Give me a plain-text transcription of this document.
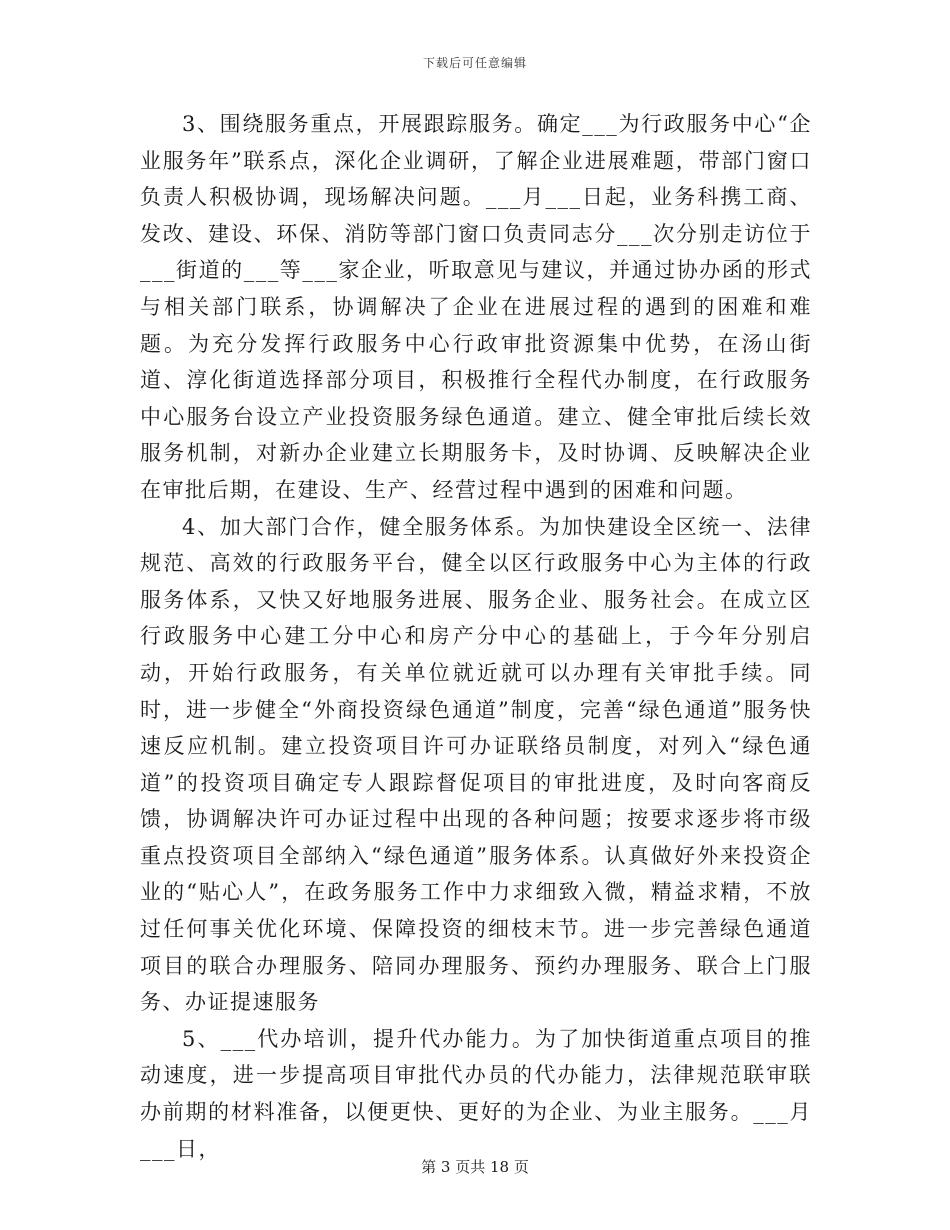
下载后可任意编辑

3、围绕服务重点，开展跟踪服务。确定___为行政服务中心“企业服务年”联系点，深化企业调研，了解企业进展难题，带部门窗口负责人积极协调，现场解决问题。___月___日起，业务科携工商、发改、建设、环保、消防等部门窗口负责同志分___次分别走访位于___街道的___等___家企业，听取意见与建议，并通过协办函的形式与相关部门联系，协调解决了企业在进展过程的遇到的困难和难题。为充分发挥行政服务中心行政审批资源集中优势，在汤山街道、淳化街道选择部分项目，积极推行全程代办制度，在行政服务中心服务台设立产业投资服务绿色通道。建立、健全审批后续长效服务机制，对新办企业建立长期服务卡，及时协调、反映解决企业在审批后期，在建设、生产、经营过程中遇到的困难和问题。

4、加大部门合作，健全服务体系。为加快建设全区统一、法律规范、高效的行政服务平台，健全以区行政服务中心为主体的行政服务体系，又快又好地服务进展、服务企业、服务社会。在成立区行政服务中心建工分中心和房产分中心的基础上，于今年分别启动，开始行政服务，有关单位就近就可以办理有关审批手续。同时，进一步健全“外商投资绿色通道”制度，完善“绿色通道”服务快速反应机制。建立投资项目许可办证联络员制度，对列入“绿色通道”的投资项目确定专人跟踪督促项目的审批进度，及时向客商反馈，协调解决许可办证过程中出现的各种问题；按要求逐步将市级重点投资项目全部纳入“绿色通道”服务体系。认真做好外来投资企业的“贴心人”，在政务服务工作中力求细致入微，精益求精，不放过任何事关优化环境、保障投资的细枝末节。进一步完善绿色通道项目的联合办理服务、陪同办理服务、预约办理服务、联合上门服务、办证提速服务

5、___代办培训，提升代办能力。为了加快街道重点项目的推动速度，进一步提高项目审批代办员的代办能力，法律规范联审联办前期的材料准备，以便更快、更好的为企业、为业主服务。___月___日，

第 3 页共 18 页
